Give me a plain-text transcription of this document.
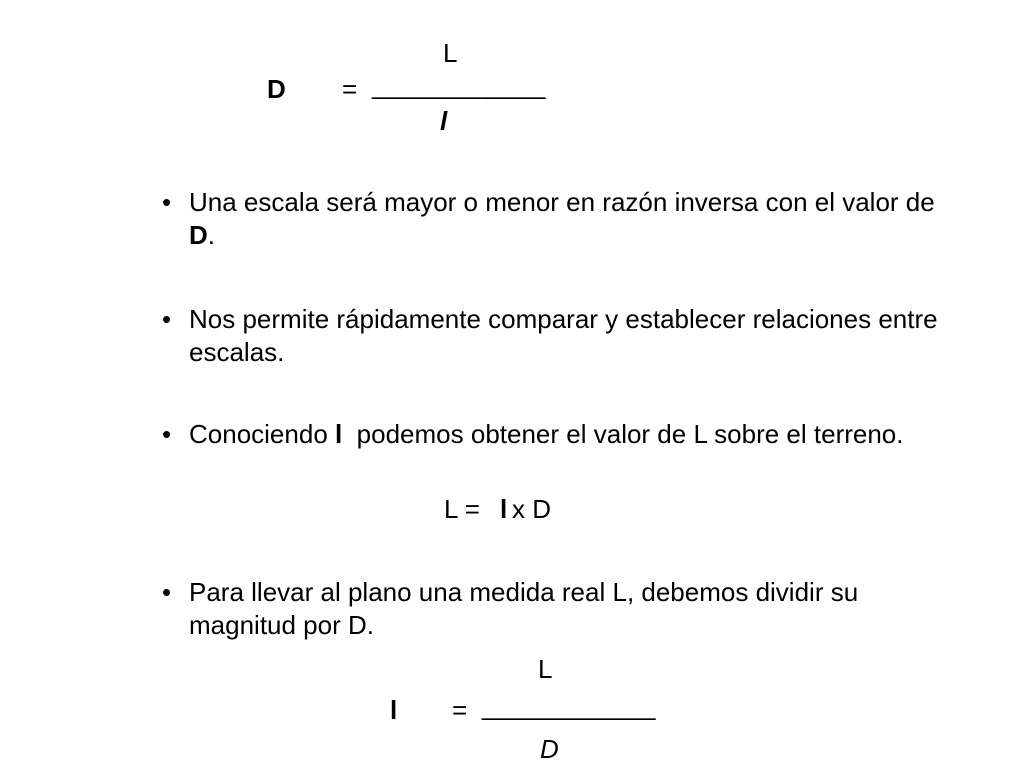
L
D = ____________
l
• Una escala será mayor o menor en razón inversa con el valor de D.
• Nos permite rápidamente comparar y establecer relaciones entre escalas.
• Conociendo l  podemos obtener el valor de L sobre el terreno.
L = l x D
• Para llevar al plano una medida real L, debemos dividir su magnitud por D.
L
l = ____________
D
